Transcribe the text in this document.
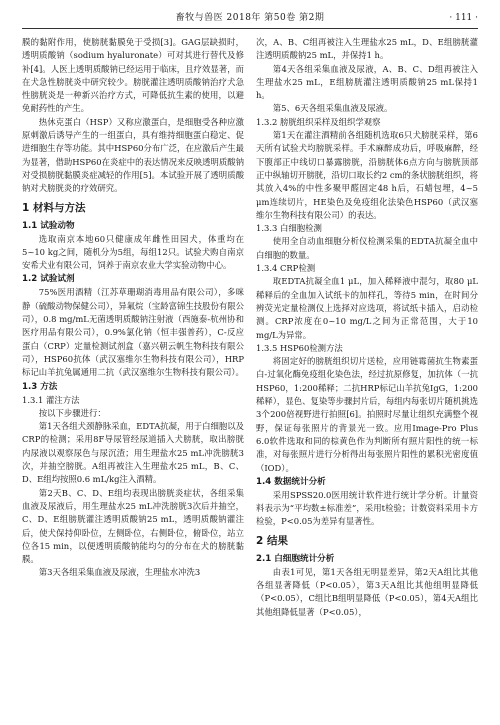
畜牧与兽医 2018年 第50卷 第2期	· 111 ·

膜的黏附作用，使膀胱黏膜免于受损[3]。GAG层缺损时，透明质酸钠（sodium hyaluronate）可对其进行替代及修补[4]。人医上透明质酸钠已经运用于临床，且疗效显著，而在犬急性膀胱炎中研究较少。膀胱灌注透明质酸钠治疗犬急性膀胱炎是一种新兴治疗方式，可降低抗生素的使用，以避免耐药性的产生。

热休克蛋白（HSP）又称应激蛋白，是细胞受各种应激原刺激后诱导产生的一组蛋白，具有维持细胞蛋白稳定、促进细胞生存等功能。其中HSP60分布广泛，在应激后产生最为显著，借助HSP60在炎症中的表达情况来反映透明质酸钠对受损膀胱黏膜炎症减轻的作用[5]。本试验开展了透明质酸钠对犬膀胱炎的疗效研究。

1 材料与方法
1.1 试验动物

选取南京本地60只健康成年雌性田园犬，体重均在5~10 kg之间，随机分为5组，每组12只。试验犬购自南京安希犬业有限公司，饲养于南京农业大学实验动物中心。

1.2 试验试剂

75%医用酒精（江苏草珊瑚消毒用品有限公司），多咪静（硫酸动物保健公司），异氟烷（宝龄富锦生技股份有限公司），0.8 mg/mL无菌透明质酸钠注射液（西施泰-杭州协和医疗用品有限公司），0.9%氯化钠（恒丰强普药），C-反应蛋白（CRP）定量检测试剂盒（嘉兴朝云帆生物科技有限公司），HSP60抗体（武汉塞维尔生物科技有限公司），HRP标记山羊抗兔属通用二抗（武汉塞维尔生物科技有限公司）。

1.3 方法
1.3.1 灌注方法

按以下步骤进行：

第1天各组犬颈静脉采血，EDTA抗凝，用于白细胞以及CRP的检测；采用8F导尿管经尿道插入犬膀胱，取出膀胱内尿液以观察尿色与尿沉渣；用生理盐水25 mL冲洗膀胱3次，并抽空膀胱。A组再被注入生理盐水25 mL，B、C、D、E组均按照0.6 mL/kg注入酒精。

第2天B、C、D、E组均表现出膀胱炎症状，各组采集血液及尿液后，用生理盐水25 mL冲洗膀胱3次后并抽空，C、D、E组膀胱灌注透明质酸钠25 mL，透明质酸钠灌注后，使犬保持仰卧位，左侧卧位，右侧卧位，俯卧位，站立位各15 min，以便透明质酸钠能均匀的分布在犬的膀胱黏膜。

第3天各组采集血液及尿液，生理盐水冲洗3

次，A、B、C组再被注入生理盐水25 mL，D、E组膀胱灌注透明质酸钠25 mL，并保持1 h。

第4天各组采集血液及尿液，A、B、C、D组再被注入生理盐水25 mL，E组膀胱灌注透明质酸钠25 mL保持1 h。

第5、6天各组采集血液及尿液。

1.3.2 膀胱组织采样及组织学观察

第1天在灌注酒精前各组随机选取6只犬膀胱采样，第6天所有试验犬均膀胱采样。手术麻醉成功后，呼吸麻醉，经下腹部正中线切口暴露膀胱，沿膀胱体6点方向与膀胱顶部正中纵轴切开膀胱，沿切口取长约2 cm的条状膀胱组织，将其放入4%的中性多聚甲醛固定48 h后，石蜡包埋，4~5 μm连续切片，HE染色及免疫组化法染色HSP60（武汉塞维尔生物科技有限公司）的表达。

1.3.3 白细胞检测

使用全自动血细胞分析仪检测采集的EDTA抗凝全血中白细胞的数量。

1.3.4 CRP检测

取EDTA抗凝全血1 μL，加入稀释液中混匀，取80 μL稀释后的全血加入试纸卡的加样孔，等待5 min，在时间分辨荧光定量检测仪上选择对应选项，将试纸卡插入，启动检测。CRP浓度在0~10 mg/L之间为正常范围，大于10 mg/L为异常。

1.3.5 HSP60检测方法

将固定好的膀胱组织切片送检，应用链霉菌抗生物素蛋白-过氧化酶免疫组化染色法，经过抗原修复，加抗体（一抗HSP60，1:200稀释；二抗HRP标记山羊抗兔IgG，1:200稀释），显色、复染等步骤封片后，每组内每张切片随机挑选3个200倍视野进行拍照[6]。拍照时尽量让组织充满整个视野，保证每张照片的背景光一致。应用Image-Pro Plus 6.0软件选取和同的棕黄色作为判断所有照片阳性的统一标准，对每张照片进行分析得出每张照片阳性的累积光密度值（IOD）。

1.4 数据统计分析

采用SPSS20.0医用统计软件进行统计学分析。计量资料表示为“平均数±标准差”，采用t检验；计数资料采用卡方检验，P<0.05为差异有显著性。

2 结果
2.1 白细胞统计分析

由表1可见，第1天各组无明显差异，第2天A组比其他各组显著降低（P<0.05），第3天A组比其他组明显降低（P<0.05），C组比B组明显降低（P<0.05），第4天A组比其他组降低显著（P<0.05），
